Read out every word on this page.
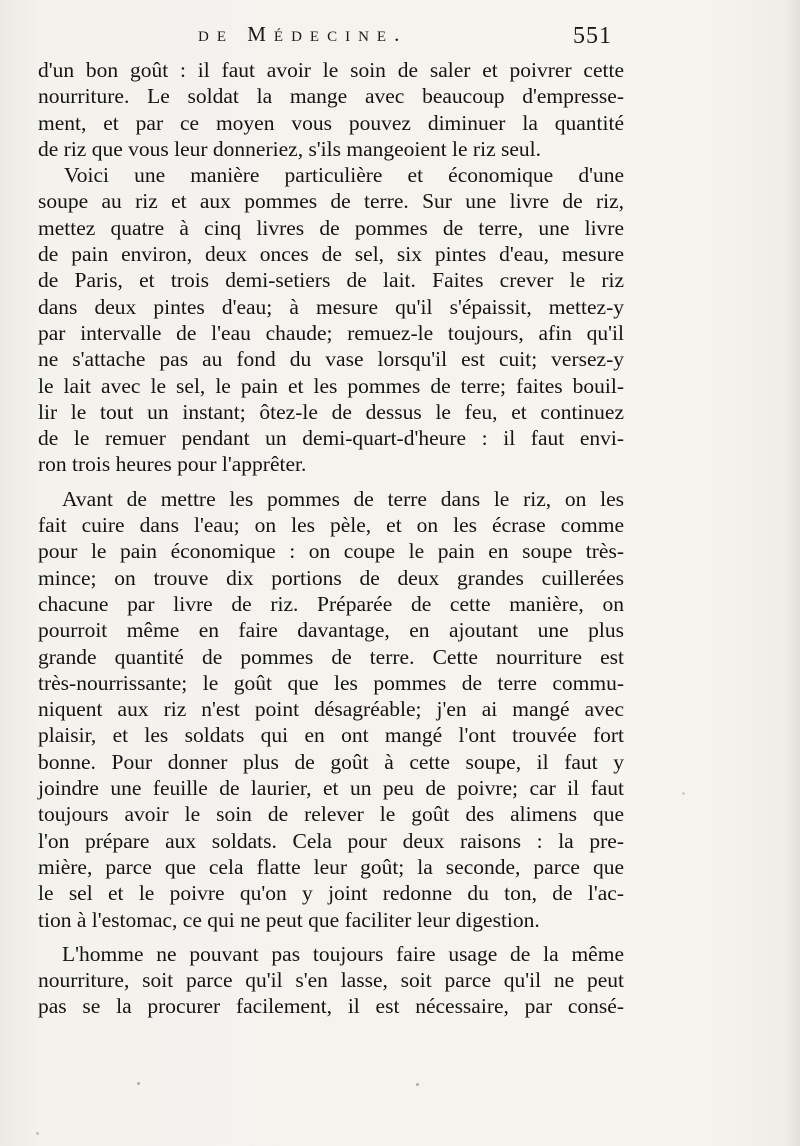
de Médecine.	551
d'un bon goût : il faut avoir le soin de saler et poivrer cette
nourriture. Le soldat la mange avec beaucoup d'empresse-
ment, et par ce moyen vous pouvez diminuer la quantité
de riz que vous leur donneriez, s'ils mangeoient le riz seul.
Voici une manière particulière et économique d'une
soupe au riz et aux pommes de terre. Sur une livre de riz,
mettez quatre à cinq livres de pommes de terre, une livre
de pain environ, deux onces de sel, six pintes d'eau, mesure
de Paris, et trois demi-setiers de lait. Faites crever le riz
dans deux pintes d'eau; à mesure qu'il s'épaissit, mettez-y
par intervalle de l'eau chaude; remuez-le toujours, afin qu'il
ne s'attache pas au fond du vase lorsqu'il est cuit; versez-y
le lait avec le sel, le pain et les pommes de terre; faites bouil-
lir le tout un instant; ôtez-le de dessus le feu, et continuez
de le remuer pendant un demi-quart-d'heure : il faut envi-
ron trois heures pour l'apprêter.
Avant de mettre les pommes de terre dans le riz, on les
fait cuire dans l'eau; on les pèle, et on les écrase comme
pour le pain économique : on coupe le pain en soupe très-
mince; on trouve dix portions de deux grandes cuillerées
chacune par livre de riz. Préparée de cette manière, on
pourroit même en faire davantage, en ajoutant une plus
grande quantité de pommes de terre. Cette nourriture est
très-nourrissante; le goût que les pommes de terre commu-
niquent aux riz n'est point désagréable; j'en ai mangé avec
plaisir, et les soldats qui en ont mangé l'ont trouvée fort
bonne. Pour donner plus de goût à cette soupe, il faut y
joindre une feuille de laurier, et un peu de poivre; car il faut
toujours avoir le soin de relever le goût des alimens que
l'on prépare aux soldats. Cela pour deux raisons : la pre-
mière, parce que cela flatte leur goût; la seconde, parce que
le sel et le poivre qu'on y joint redonne du ton, de l'ac-
tion à l'estomac, ce qui ne peut que faciliter leur digestion.
L'homme ne pouvant pas toujours faire usage de la même
nourriture, soit parce qu'il s'en lasse, soit parce qu'il ne peut
pas se la procurer facilement, il est nécessaire, par consé-
